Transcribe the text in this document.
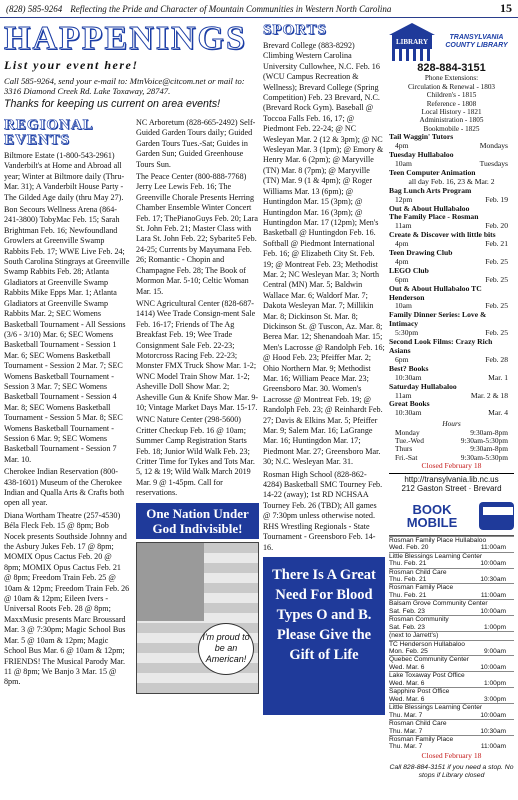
(828) 585-9264 Reflecting the Pride and Character of Mountain Communities in Western North Carolina	15
HAPPENINGS
List your event here!
Call 585-9264, send your e-mail to: MtnVoice@citcom.net or mail to: 3316 Diamond Creek Rd. Lake Toxaway, 28747.
Thanks for keeping us current on area events!
REGIONAL EVENTS

Biltmore Estate (1-800-543-2961) Vanderbilt's at Home and Abroad all year; Winter at Biltmore daily (Thru-Mar. 31); A Vanderbilt House Party - The Gilded Age daily (thru May 27).

Bon Secours Wellness Arena (864-241-3800) TobyMac Feb. 15; Sarah Brightman Feb. 16; Newfoundland Growlers at Greenville Swamp Rabbits Feb. 17; WWE Live Feb. 24; South Carolina Stingrays at Greenville Swamp Rabbits Feb. 28; Atlanta Gladiators at Greenville Swamp Rabbits Mike Epps Mar. 1; Atlanta Gladiators at Greenville Swamp Rabbits Mar. 2; SEC Womens Basketball Tournament - All Sessions (3/6 - 3/10) Mar. 6; SEC Womens Basketball Tournament - Session 1 Mar. 6; SEC Womens Basketball Tournament - Session 2 Mar. 7; SEC Womens Basketball Tournament - Session 3 Mar. 7; SEC Womens Basketball Tournament - Session 4 Mar. 8; SEC Womens Basketball Tournament - Session 5 Mar. 8; SEC Womens Basketball Tournament - Session 6 Mar. 9; SEC Womens Basketball Tournament - Session 7 Mar. 10.

Cherokee Indian Reservation (800-438-1601) Museum of the Cherokee Indian and Qualla Arts & Crafts both open all year.

Diana Wortham Theatre (257-4530) Béla Fleck Feb. 15 @ 8pm; Bob Nocek presents Southside Johnny and the Asbury Jukes Feb. 17 @ 8pm; MOMIX Opus Cactus Feb. 20 @ 8pm; MOMIX Opus Cactus Feb. 21 @ 8pm; Freedom Train Feb. 25 @ 10am & 12pm; Freedom Train Feb. 26 @ 10am & 12pm; Eileen Ivers - Universal Roots Feb. 28 @ 8pm; MaxxMusic presents Marc Broussard Mar. 3 @ 7:30pm; Magic School Bus Mar. 5 @ 10am & 12pm; Magic School Bus Mar. 6 @ 10am & 12pm; FRIENDS! The Musical Parody Mar. 11 @ 8pm; We Banjo 3 Mar. 15 @ 8pm.

NC Arboretum (828-665-2492) Self-Guided Garden Tours daily; Guided Garden Tours Tues.-Sat; Guides in Garden Sun; Guided Greenhouse Tours Sun.

The Peace Center (800-888-7768) Jerry Lee Lewis Feb. 16; The Greenville Chorale Presents Herring Chamber Ensemble Winter Concert Feb. 17; ThePianoGuys Feb. 20; Lara St. John Feb. 21; Master Class with Lara St. John Feb. 22; Sybarite5 Feb. 24-25; Currents by Mayumana Feb. 26; Romantic - Chopin and Champagne Feb. 28; The Book of Mormon Mar. 5-10; Celtic Woman Mar. 15.

WNC Agricultural Center (828-687-1414) Wee Trade Consign-ment Sale Feb. 16-17; Friends of The Ag Breakfast Feb. 19; Wee Trade Consignment Sale Feb. 22-23; Motorcross Racing Feb. 22-23; Monster FMX Truck Show Mar. 1-2; WNC Model Train Show Mar. 1-2; Asheville Doll Show Mar. 2; Asheville Gun & Knife Show Mar. 9-10; Vintage Market Days Mar. 15-17.

WNC Nature Center (298-5600) Critter Checkup Feb. 16 @ 10am; Summer Camp Registration Starts Feb. 18; Junior Wild Walk Feb. 23; Critter Time for Tykes and Tots Mar. 5, 12 & 19; Wild Walk March 2019 Mar. 9 @ 1-45pm. Call for reservations.

One Nation Under God Indivisible!
I'm proud to be an American!
SPORTS

Brevard College (883-8292) Climbing Western Carolina University Cullowhee, N.C. Feb. 16 (WCU Campus Recreation & Wellness); Brevard College (Spring Competition) Feb. 23 Brevard, N.C. (Brevard Rock Gym). Baseball @ Toccoa Falls Feb. 16, 17; @ Piedmont Feb. 22-24; @ NC Wesleyan Mar. 2 (12 & 3pm); @ NC Wesleyan Mar. 3 (1pm); @ Emory & Henry Mar. 6 (2pm); @ Maryville (TN) Mar. 8 (7pm); @ Maryville (TN) Mar. 9 (1 & 4pm); @ Roger Williams Mar. 13 (6pm); @ Huntingdon Mar. 15 (3pm); @ Huntingdon Mar. 16 (3pm); @ Huntingdon Mar. 17 (12pm); Men's Basketball @ Huntingdon Feb. 16. Softball @ Piedmont International Feb. 16; @ Elizabeth City St. Feb. 19; @ Montreat Feb. 23; Methodist Mar. 2; NC Wesleyan Mar. 3; North Central (MN) Mar. 5; Baldwin Wallace Mar. 6; Waldorf Mar. 7; Dakota Wesleyan Mar. 7; Millikin Mar. 8; Dickinson St. Mar. 8; Dickinson St. @ Tuscon, Az. Mar. 8; Berea Mar. 12; Shenandoah Mar. 15; Men's Lacrosse @ Randolph Feb. 16; @ Hood Feb. 23; Pfeiffer Mar. 2; Ohio Northern Mar. 9; Methodist Mar. 16; William Peace Mar. 23; Greensboro Mar. 30. Women's Lacrosse @ Montreat Feb. 19; @ Randolph Feb. 23; @ Reinhardt Feb. 27; Davis & Elkins Mar. 5; Pfeiffer Mar. 9; Salem Mar. 16; LaGrange Mar. 16; Huntingdon Mar. 17; Piedmont Mar. 27; Greensboro Mar. 30; N.C. Wesleyan Mar. 31.

Rosman High School (828-862-4284) Basketball SMC Tourney Feb. 14-22 (away); 1st RD NCHSAA Tourney Feb. 26 (TBD); All games @ 7:30pm unless otherwise noted. RHS Wrestling Regionals - State Tournament - Greensboro Feb. 14-16.

There Is A Great Need For Blood Types O and B. Please Give the Gift of Life
LIBRARY
TRANSYLVANIA COUNTY LIBRARY
828-884-3151
Phone Extensions:
Circulation & Renewal - 1803
Children's - 1815
Reference - 1808
Local History - 1821
Administration - 1805
Bookmobile - 1825
Tail Waggin' Tutors
4pm	Mondays
Tuesday Hullabaloo
10am	Tuesdays
Teen Computer Animation
all day Feb. 16, 23 & Mar. 2
Bag Lunch Arts Program
12pm	Feb. 19
Out & About Hullabaloo
The Family Place - Rosman
11am	Feb. 20
Create & Discover with little bits
4pm	Feb. 21
Teen Drawing Club
4pm	Feb. 25
LEGO Club
6pm	Feb. 25
Out & About Hullabaloo TC Henderson
10am	Feb. 25
Family Dinner Series: Love & Intimacy
5:30pm	Feb. 25
Second Look Films: Crazy Rich Asians
6pm	Feb. 28
Best? Books
10:30am	Mar. 1
Saturday Hullabaloo
11am	Mar. 2 & 18
Great Books
10:30am	Mar. 4
Hours
Monday	9:30am-8pm
Tue.-Wed	9:30am-5:30pm
Thurs	9:30am-8pm
Fri.-Sat	9:30am-5:30pm
Closed February 18
http://transylvania.lib.nc.us
212 Gaston Street · Brevard
BOOK MOBILE
Rosman Family Place Hullabaloo
Wed. Feb. 20	11:00am
Little Blessings Learning Center
Thu. Feb. 21	10:00am
Rosman Child Care
Thu. Feb. 21	10:30am
Rosman Family Place
Thu. Feb. 21	11:00am
Balsam Grove Community Center
Sat. Feb. 23	10:00am
Rosman Community
Sat. Feb. 23	1:00pm
(next to Jarrett's)
TC Henderson Hullabaloo
Mon. Feb. 25	9:00am
Quebec Community Center
Wed. Mar. 6	10:00am
Lake Toxaway Post Office
Wed. Mar. 6	1:00pm
Sapphire Post Office
Wed. Mar. 6	3:00pm
Little Blessings Learning Center
Thu. Mar. 7	10:00am
Rosman Child Care
Thu. Mar. 7	10:30am
Rosman Family Place
Thu. Mar. 7	11:00am
Closed February 18
Call 828-884-3151 if you need a stop. No stops if Library closed
